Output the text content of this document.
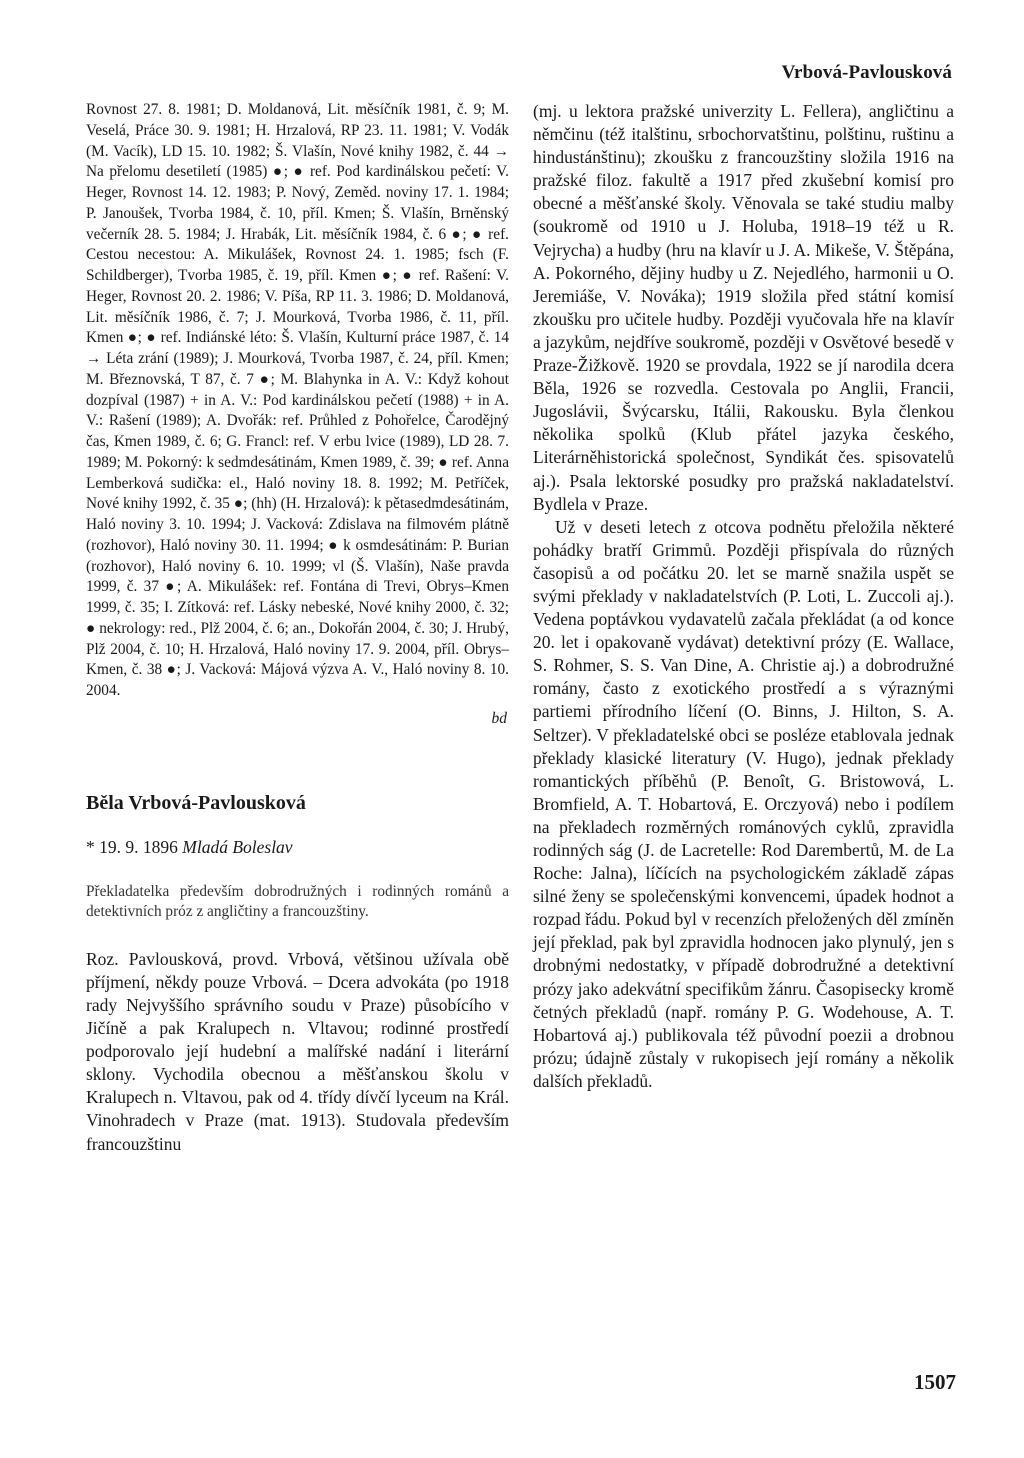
Vrbová-Pavlousková

Rovnost 27. 8. 1981; D. Moldanová, Lit. měsíčník 1981, č. 9; M. Veselá, Práce 30. 9. 1981; H. Hrzalová, RP 23. 11. 1981; V. Vodák (M. Vacík), LD 15. 10. 1982; Š. Vlašín, Nové knihy 1982, č. 44 → Na přelomu desetiletí (1985) ●; ● ref. Pod kardinálskou pečetí: V. Heger, Rovnost 14. 12. 1983; P. Nový, Zeměd. noviny 17. 1. 1984; P. Janoušek, Tvorba 1984, č. 10, příl. Kmen; Š. Vlašín, Brněnský večerník 28. 5. 1984; J. Hrabák, Lit. měsíčník 1984, č. 6 ●; ● ref. Cestou necestou: A. Mikulášek, Rovnost 24. 1. 1985; fsch (F. Schildberger), Tvorba 1985, č. 19, příl. Kmen ●; ● ref. Rašení: V. Heger, Rovnost 20. 2. 1986; V. Píša, RP 11. 3. 1986; D. Moldanová, Lit. měsíčník 1986, č. 7; J. Mourková, Tvorba 1986, č. 11, příl. Kmen ●; ● ref. Indiánské léto: Š. Vlašín, Kulturní práce 1987, č. 14 → Léta zrání (1989); J. Mourková, Tvorba 1987, č. 24, příl. Kmen; M. Březnovská, T 87, č. 7 ●; M. Blahynka in A. V.: Když kohout dozpíval (1987) + in A. V.: Pod kardinálskou pečetí (1988) + in A. V.: Rašení (1989); A. Dvořák: ref. Průhled z Pohořelce, Čarodějný čas, Kmen 1989, č. 6; G. Francl: ref. V erbu lvice (1989), LD 28. 7. 1989; M. Pokorný: k sedmdesátinám, Kmen 1989, č. 39; ● ref. Anna Lemberková sudička: el., Haló noviny 18. 8. 1992; M. Petříček, Nové knihy 1992, č. 35 ●; (hh) (H. Hrzalová): k pětasedmdesátinám, Haló noviny 3. 10. 1994; J. Vacková: Zdislava na filmovém plátně (rozhovor), Haló noviny 30. 11. 1994; ● k osmdesátinám: P. Burian (rozhovor), Haló noviny 6. 10. 1999; vl (Š. Vlašín), Naše pravda 1999, č. 37 ●; A. Mikulášek: ref. Fontána di Trevi, Obrys–Kmen 1999, č. 35; I. Zítková: ref. Lásky nebeské, Nové knihy 2000, č. 32; ● nekrology: red., Plž 2004, č. 6; an., Dokořán 2004, č. 30; J. Hrubý, Plž 2004, č. 10; H. Hrzalová, Haló noviny 17. 9. 2004, příl. Obrys–Kmen, č. 38 ●; J. Vacková: Májová výzva A. V., Haló noviny 8. 10. 2004.

bd
Běla Vrbová-Pavlousková

* 19. 9. 1896 Mladá Boleslav

Překladatelka především dobrodružných i rodinných románů a detektivních próz z angličtiny a francouzštiny.

Roz. Pavlousková, provd. Vrbová, většinou užívala obě příjmení, někdy pouze Vrbová. – Dcera advokáta (po 1918 rady Nejvyššího správního soudu v Praze) působícího v Jičíně a pak Kralupech n. Vltavou; rodinné prostředí podporovalo její hudební a malířské nadání i literární sklony. Vychodila obecnou a měšťanskou školu v Kralupech n. Vltavou, pak od 4. třídy dívčí lyceum na Král. Vinohradech v Praze (mat. 1913). Studovala především francouzštinu

(mj. u lektora pražské univerzity L. Fellera), angličtinu a němčinu (též italštinu, srbochorvatštinu, polštinu, ruštinu a hindustánštinu); zkoušku z francouzštiny složila 1916 na pražské filoz. fakultě a 1917 před zkušební komisí pro obecné a měšťanské školy. Věnovala se také studiu malby (soukromě od 1910 u J. Holuba, 1918–19 též u R. Vejrycha) a hudby (hru na klavír u J. A. Mikeše, V. Štěpána, A. Pokorného, dějiny hudby u Z. Nejedlého, harmonii u O. Jeremiáše, V. Nováka); 1919 složila před státní komisí zkoušku pro učitele hudby. Později vyučovala hře na klavír a jazykům, nejdříve soukromě, později v Osvětové besedě v Praze-Žižkově. 1920 se provdala, 1922 se jí narodila dcera Běla, 1926 se rozvedla. Cestovala po Anglii, Francii, Jugoslávii, Švýcarsku, Itálii, Rakousku. Byla členkou několika spolků (Klub přátel jazyka českého, Literárněhistorická společnost, Syndikát čes. spisovatelů aj.). Psala lektorské posudky pro pražská nakladatelství. Bydlela v Praze.

Už v deseti letech z otcova podnětu přeložila některé pohádky bratří Grimmů. Později přispívala do různých časopisů a od počátku 20. let se marně snažila uspět se svými překlady v nakladatelstvích (P. Loti, L. Zuccoli aj.). Vedena poptávkou vydavatelů začala překládat (a od konce 20. let i opakovaně vydávat) detektivní prózy (E. Wallace, S. Rohmer, S. S. Van Dine, A. Christie aj.) a dobrodružné romány, často z exotického prostředí a s výraznými partiemi přírodního líčení (O. Binns, J. Hilton, S. A. Seltzer). V překladatelské obci se posléze etablovala jednak překlady klasické literatury (V. Hugo), jednak překlady romantických příběhů (P. Benoît, G. Bristowová, L. Bromfield, A. T. Hobartová, E. Orczyová) nebo i podílem na překladech rozměrných románových cyklů, zpravidla rodinných ság (J. de Lacretelle: Rod Darembertů, M. de La Roche: Jalna), líčících na psychologickém základě zápas silné ženy se společenskými konvencemi, úpadek hodnot a rozpad řádu. Pokud byl v recenzích přeložených děl zmíněn její překlad, pak byl zpravidla hodnocen jako plynulý, jen s drobnými nedostatky, v případě dobrodružné a detektivní prózy jako adekvátní specifikům žánru. Časopisecky kromě četných překladů (např. romány P. G. Wodehouse, A. T. Hobartová aj.) publikovala též původní poezii a drobnou prózu; údajně zůstaly v rukopisech její romány a několik dalších překladů.

1507
